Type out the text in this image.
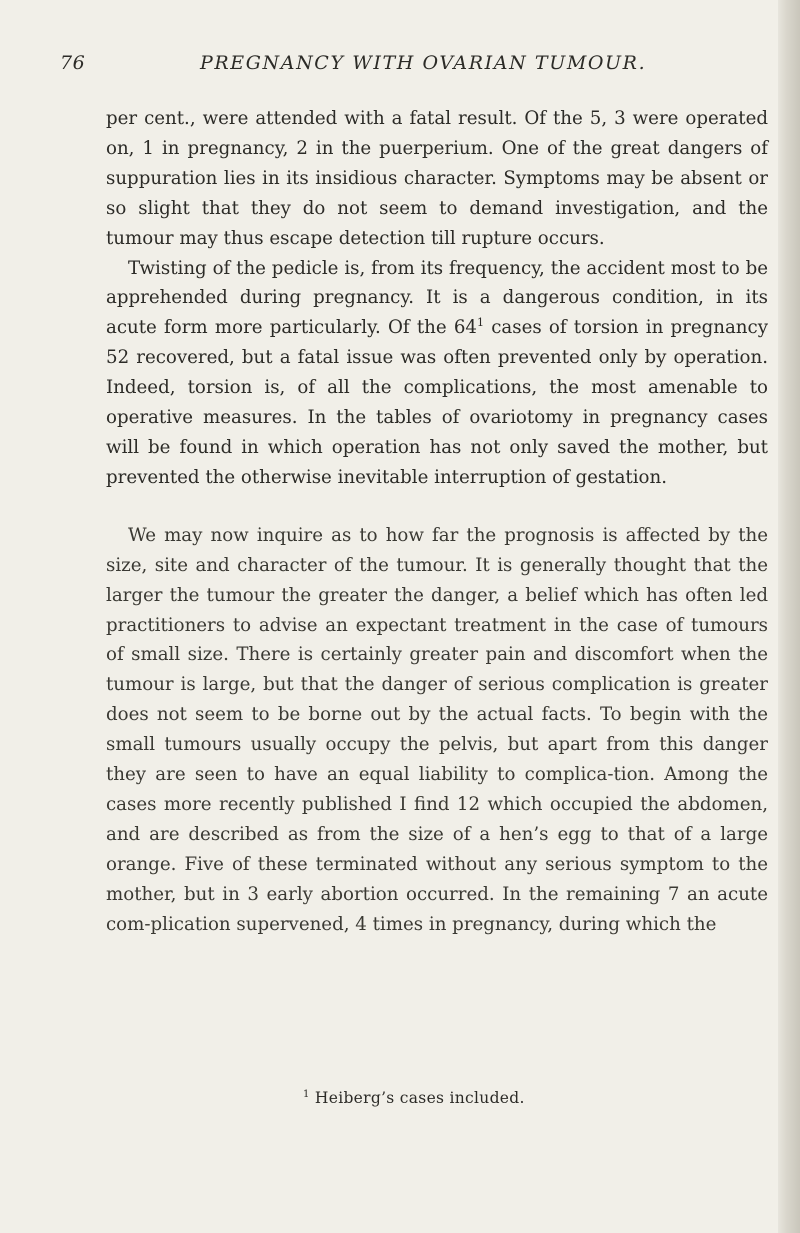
76	PREGNANCY WITH OVARIAN TUMOUR.

per cent., were attended with a fatal result. Of the 5, 3 were operated on, 1 in pregnancy, 2 in the puerperium. One of the great dangers of suppuration lies in its insidious character. Symptoms may be absent or so slight that they do not seem to demand investigation, and the tumour may thus escape detection till rupture occurs.

Twisting of the pedicle is, from its frequency, the accident most to be apprehended during pregnancy. It is a dangerous condition, in its acute form more particularly. Of the 64$^1$ cases of torsion in pregnancy 52 recovered, but a fatal issue was often prevented only by operation. Indeed, torsion is, of all the complications, the most amenable to operative measures. In the tables of ovariotomy in pregnancy cases will be found in which operation has not only saved the mother, but prevented the otherwise inevitable interruption of gestation.

We may now inquire as to how far the prognosis is affected by the size, site and character of the tumour. It is generally thought that the larger the tumour the greater the danger, a belief which has often led practitioners to advise an expectant treatment in the case of tumours of small size. There is certainly greater pain and discomfort when the tumour is large, but that the danger of serious complication is greater does not seem to be borne out by the actual facts. To begin with the small tumours usually occupy the pelvis, but apart from this danger they are seen to have an equal liability to complica-tion. Among the cases more recently published I find 12 which occupied the abdomen, and are described as from the size of a hen’s egg to that of a large orange. Five of these terminated without any serious symptom to the mother, but in 3 early abortion occurred. In the remaining 7 an acute com-plication supervened, 4 times in pregnancy, during which the

$^1$ Heiberg’s cases included.
